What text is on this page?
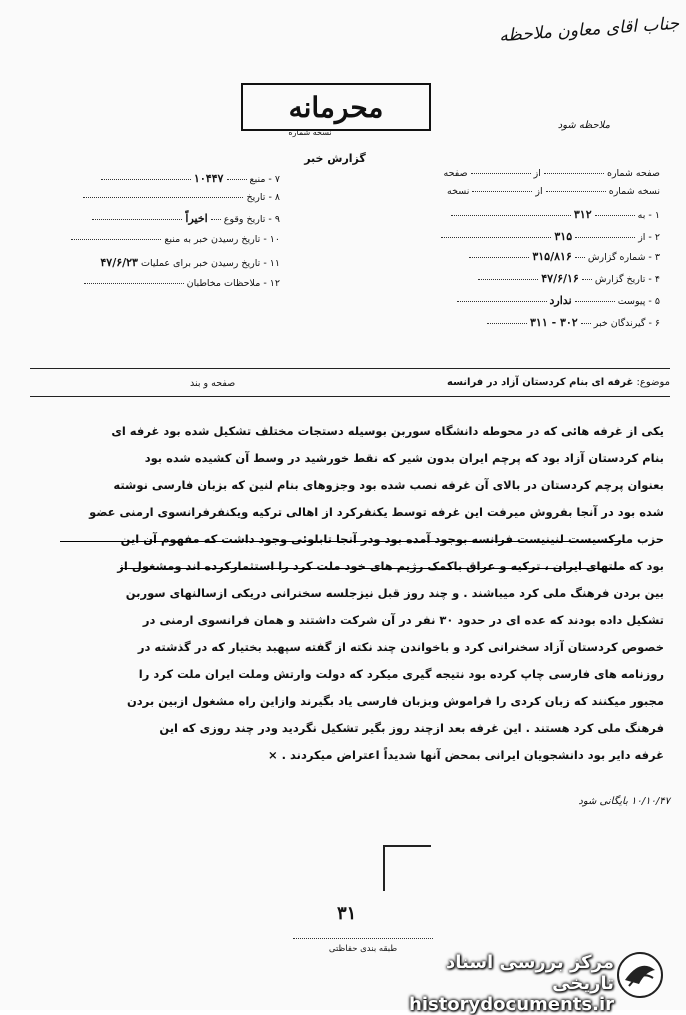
جناب اقای معاون ملاحظه
محرمانه
نسخه شماره
ملاحظه شود
گزارش خبر
صفحه شماره  از  صفحه
نسخه شماره  از  نسخه
۱ - به  ۳۱۲
۲ - از  ۳۱۵
۳ - شماره گزارش  ۳۱۵/۸۱۶
۴ - تاریخ گزارش  ۴۷/۶/۱۶
۵ - پیوست  ندارد
۶ - گیرندگان خبر  ۳۰۲ - ۳۱۱
۷ - منبع  ۱۰۴۴۷
۸ - تاریخ
۹ - تاریخ وقوع  اخیراً
۱۰ - تاریخ رسیدن خبر به منبع
۱۱ - تاریخ رسیدن خبر برای عملیات ۴۷/۶/۲۳
۱۲ - ملاحظات مخاطبان
موضوع: غرفه ای بنام کردستان آزاد در فرانسه
صفحه و بند

یکی از غرفه هائی که در محوطه دانشگاه سوربن بوسیله دستجات مختلف تشکیل شده بود غرفه ای

بنام کردستان آزاد بود که پرچم ایران بدون شیر که نقط خورشید در وسط آن کشیده شده بود

بعنوان پرچم کردستان در بالای آن غرفه نصب شده بود وجزوهای بنام لنین که بزبان فارسی نوشته

شده بود در آنجا بفروش میرفت این غرفه توسط یکنفرکرد از اهالی ترکیه ویکنفرفرانسوی ارمنی عضو

حزب مارکسیست لنینیست فرانسه بوجود آمده بود ودر آنجا تابلوئی وجود داشت که مفهوم آن این

بود که ملتهای ایران ، ترکیه و عراق باکمک رژیم های خود ملت کرد را استثمارکرده اند ومشغول از

بین بردن فرهنگ ملی کرد میباشند . و چند روز قبل نیزجلسه سخنرانی دریکی ازسالنهای سوربن

تشکیل داده بودند که عده ای در حدود ۳۰ نفر در آن شرکت داشتند و همان فرانسوی ارمنی در

خصوص کردستان آزاد سخنرانی کرد و باخواندن چند نکته از گفته سپهبد بختیار که در گذشته در

روزنامه های فارسی چاپ کرده بود نتیجه گیری میکرد که دولت وارتش وملت ایران ملت کرد را

مجبور میکنند که زبان کردی را فراموش وبزبان فارسی یاد بگیرند وازاین راه مشغول ازبین بردن

فرهنگ ملی کرد هستند . این غرفه بعد ازچند روز بگیر تشکیل نگردید ودر چند روزی که این

غرفه دایر بود دانشجویان ایرانی بمحض آنها شدیداً اعتراض میکردند . ×

۱۰/۱۰/۴۷ بایگانی شود
۳۱
طبقه بندی حفاظتی
مرکز بررسی اسناد تاریخی
historydocuments.ir
